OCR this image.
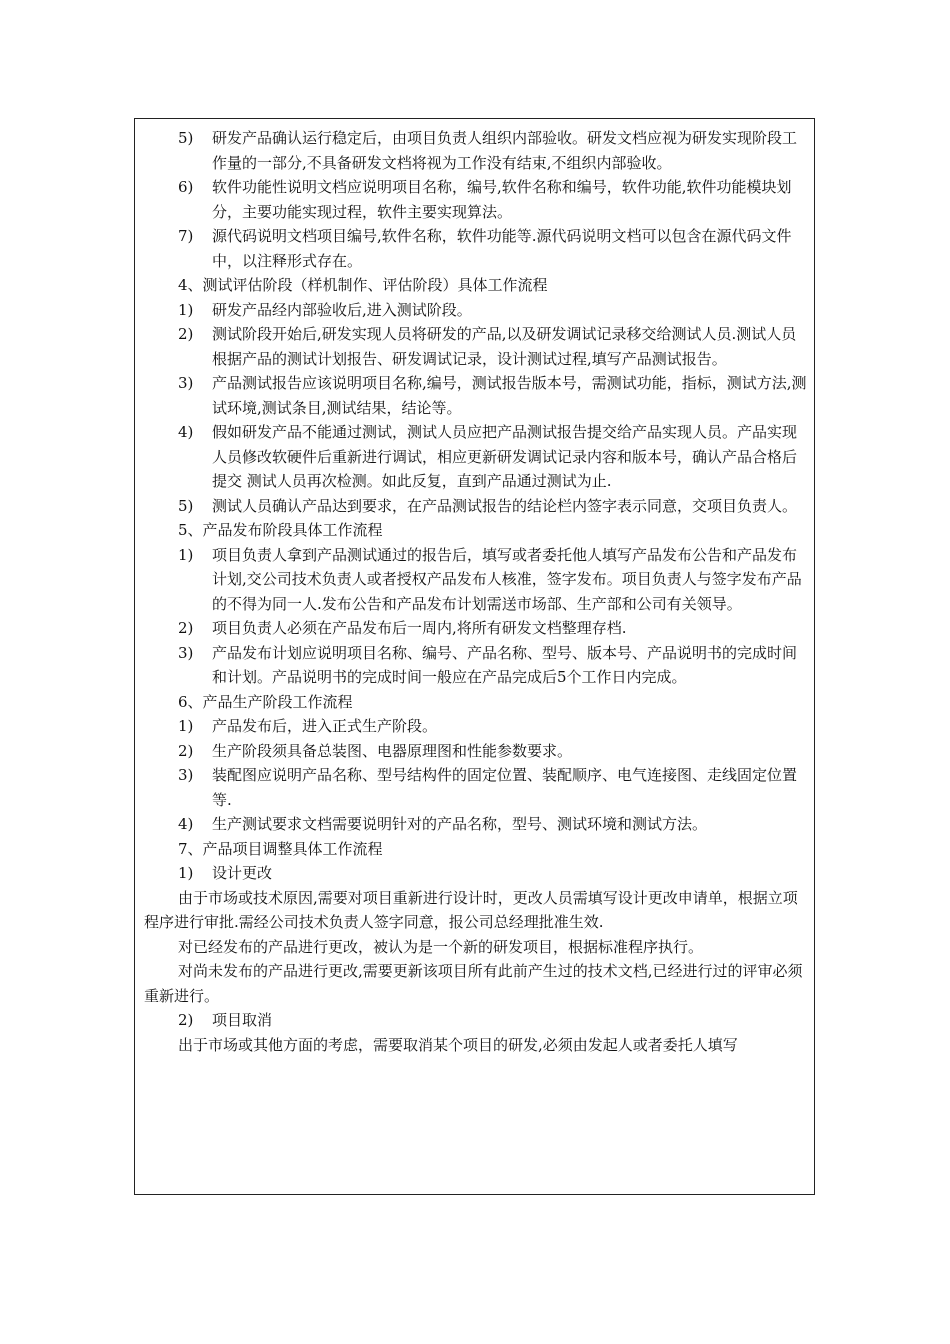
5) 研发产品确认运行稳定后，由项目负责人组织内部验收。研发文档应视为研发实现阶段工作量的一部分,不具备研发文档将视为工作没有结束,不组织内部验收。
6) 软件功能性说明文档应说明项目名称，编号,软件名称和编号，软件功能,软件功能模块划分，主要功能实现过程，软件主要实现算法。
7) 源代码说明文档项目编号,软件名称，软件功能等.源代码说明文档可以包含在源代码文件中，以注释形式存在。
4、测试评估阶段（样机制作、评估阶段）具体工作流程
1) 研发产品经内部验收后,进入测试阶段。
2) 测试阶段开始后,研发实现人员将研发的产品,以及研发调试记录移交给测试人员.测试人员根据产品的测试计划报告、研发调试记录，设计测试过程,填写产品测试报告。
3) 产品测试报告应该说明项目名称,编号，测试报告版本号，需测试功能，指标，测试方法,测试环境,测试条目,测试结果，结论等。
4) 假如研发产品不能通过测试，测试人员应把产品测试报告提交给产品实现人员。产品实现人员修改软硬件后重新进行调试，相应更新研发调试记录内容和版本号，确认产品合格后提交 测试人员再次检测。如此反复，直到产品通过测试为止.
5) 测试人员确认产品达到要求，在产品测试报告的结论栏内签字表示同意，交项目负责人。
5、产品发布阶段具体工作流程
1) 项目负责人拿到产品测试通过的报告后，填写或者委托他人填写产品发布公告和产品发布计划,交公司技术负责人或者授权产品发布人核准，签字发布。项目负责人与签字发布产品的不得为同一人.发布公告和产品发布计划需送市场部、生产部和公司有关领导。
2) 项目负责人必须在产品发布后一周内,将所有研发文档整理存档.
3) 产品发布计划应说明项目名称、编号、产品名称、型号、版本号、产品说明书的完成时间和计划。产品说明书的完成时间一般应在产品完成后5个工作日内完成。
6、产品生产阶段工作流程
1) 产品发布后，进入正式生产阶段。
2) 生产阶段须具备总装图、电器原理图和性能参数要求。
3) 装配图应说明产品名称、型号结构件的固定位置、装配顺序、电气连接图、走线固定位置等.
4) 生产测试要求文档需要说明针对的产品名称，型号、测试环境和测试方法。
7、产品项目调整具体工作流程
1) 设计更改
由于市场或技术原因,需要对项目重新进行设计时，更改人员需填写设计更改申请单，根据立项程序进行审批.需经公司技术负责人签字同意，报公司总经理批准生效.
对已经发布的产品进行更改，被认为是一个新的研发项目，根据标准程序执行。
对尚未发布的产品进行更改,需要更新该项目所有此前产生过的技术文档,已经进行过的评审必须重新进行。
2) 项目取消
出于市场或其他方面的考虑，需要取消某个项目的研发,必须由发起人或者委托人填写
